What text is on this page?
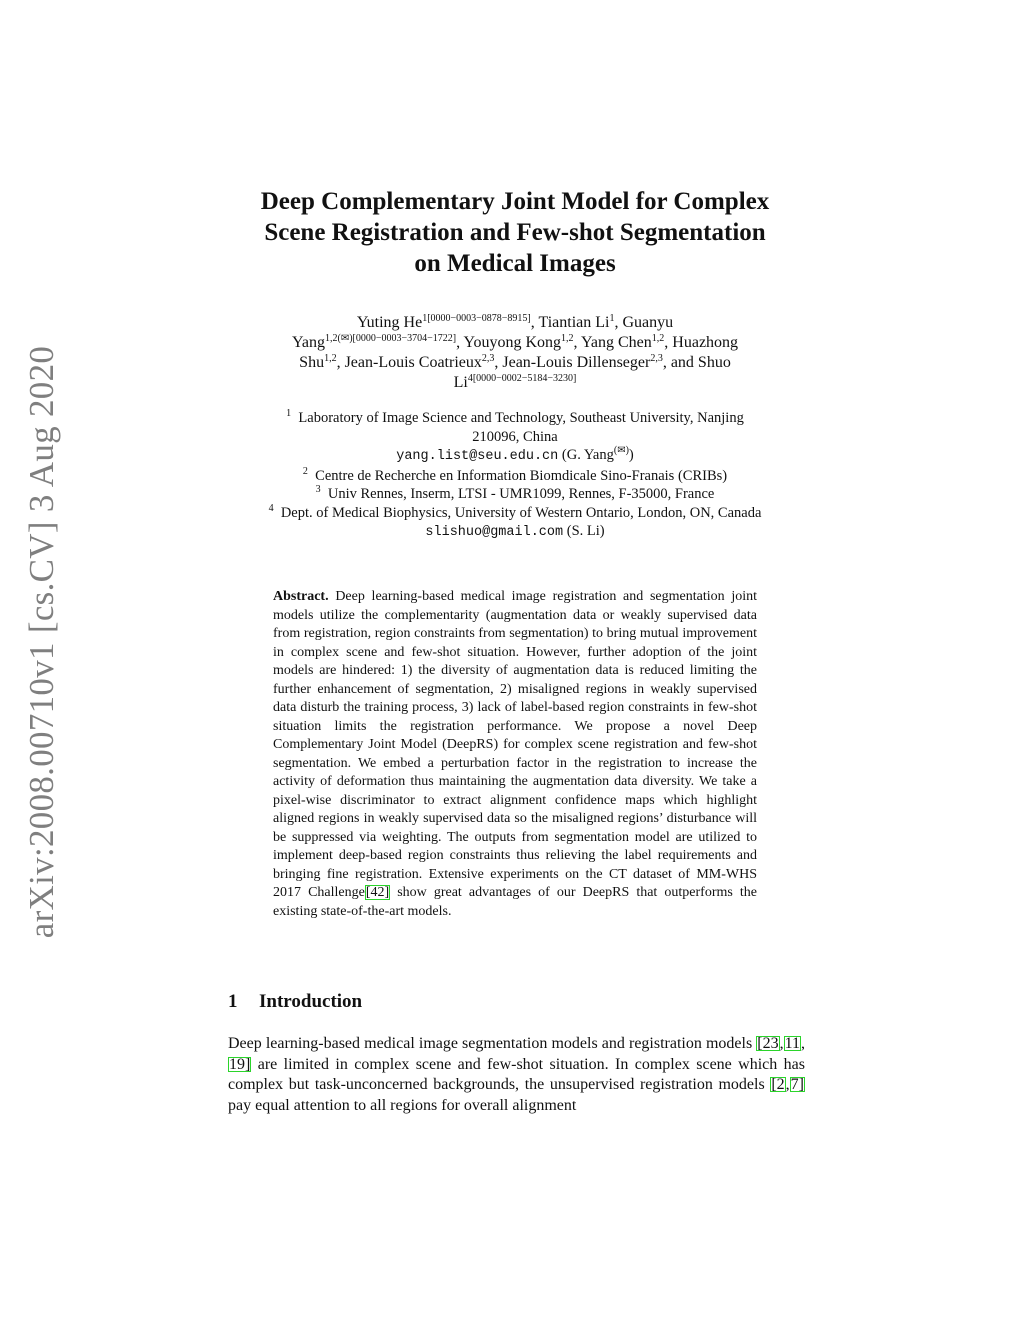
arXiv:2008.00710v1 [cs.CV] 3 Aug 2020
Deep Complementary Joint Model for Complex
Scene Registration and Few-shot Segmentation
on Medical Images
Yuting $He^{1[0000-0003-0878-8915]}$, Tiantian Li$^1$, Guanyu
Yang$^{1,2(✉)[0000-0003-3704-1722]}$, Youyong Kong$^{1,2}$, Yang Chen$^{1,2}$, Huazhong
Shu$^{1,2}$, Jean-Louis Coatrieux$^{2,3}$, Jean-Louis Dillenseger$^{2,3}$, and Shuo
$Li^{4[0000-0002-5184-3230]}$
$^1$ Laboratory of Image Science and Technology, Southeast University, Nanjing
210096, China
yang.list@seu.edu.cn (G. Yang(✉))
$^2$ Centre de Recherche en Information Biomdicale Sino-Franais (CRIBs)
$^3$ Univ Rennes, Inserm, LTSI - UMR1099, Rennes, F-35000, France
$^4$ Dept. of Medical Biophysics, University of Western Ontario, London, ON, Canada
slishuo@gmail.com (S. Li)
Abstract. Deep learning-based medical image registration and segmentation joint models utilize the complementarity (augmentation data or weakly supervised data from registration, region constraints from segmentation) to bring mutual improvement in complex scene and few-shot situation. However, further adoption of the joint models are hindered: 1) the diversity of augmentation data is reduced limiting the further enhancement of segmentation, 2) misaligned regions in weakly supervised data disturb the training process, 3) lack of label-based region constraints in few-shot situation limits the registration performance. We propose a novel Deep Complementary Joint Model (DeepRS) for complex scene registration and few-shot segmentation. We embed a perturbation factor in the registration to increase the activity of deformation thus maintaining the augmentation data diversity. We take a pixel-wise discriminator to extract alignment confidence maps which highlight aligned regions in weakly supervised data so the misaligned regions’ disturbance will be suppressed via weighting. The outputs from segmentation model are utilized to implement deep-based region constraints thus relieving the label requirements and bringing fine registration. Extensive experiments on the CT dataset of MM-WHS 2017 Challenge[42] show great advantages of our DeepRS that outperforms the existing state-of-the-art models.
1 Introduction
Deep learning-based medical image segmentation models and registration models [23,11,19] are limited in complex scene and few-shot situation. In complex scene which has complex but task-unconcerned backgrounds, the unsupervised registration models [2,7] pay equal attention to all regions for overall alignment
